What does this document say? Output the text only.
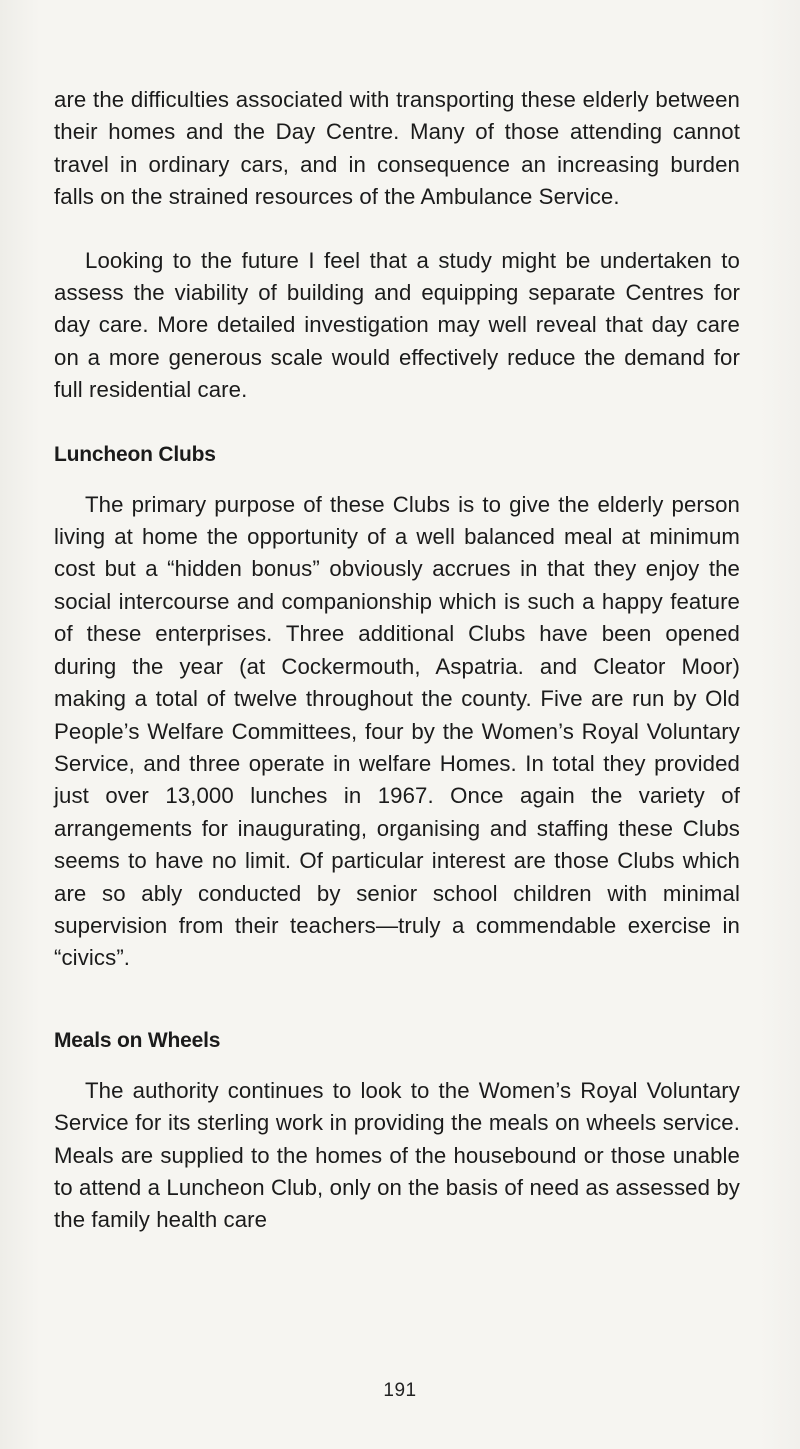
are the difficulties associated with transporting these elderly between their homes and the Day Centre. Many of those attending cannot travel in ordinary cars, and in consequence an increasing burden falls on the strained resources of the Ambulance Service.

Looking to the future I feel that a study might be undertaken to assess the viability of building and equipping separate Centres for day care. More detailed investigation may well reveal that day care on a more generous scale would effectively reduce the demand for full residential care.

Luncheon Clubs

The primary purpose of these Clubs is to give the elderly person living at home the opportunity of a well balanced meal at minimum cost but a “hidden bonus” obviously accrues in that they enjoy the social intercourse and companionship which is such a happy feature of these enterprises. Three additional Clubs have been opened during the year (at Cockermouth, Aspatria. and Cleator Moor) making a total of twelve throughout the county. Five are run by Old People’s Welfare Committees, four by the Women’s Royal Voluntary Service, and three operate in welfare Homes. In total they provided just over 13,000 lunches in 1967. Once again the variety of arrangements for inaugurating, organising and staffing these Clubs seems to have no limit. Of particular interest are those Clubs which are so ably conducted by senior school children with minimal supervision from their teachers—truly a commendable exercise in “civics”.

Meals on Wheels

The authority continues to look to the Women’s Royal Voluntary Service for its sterling work in providing the meals on wheels service. Meals are supplied to the homes of the housebound or those unable to attend a Luncheon Club, only on the basis of need as assessed by the family health care

191
